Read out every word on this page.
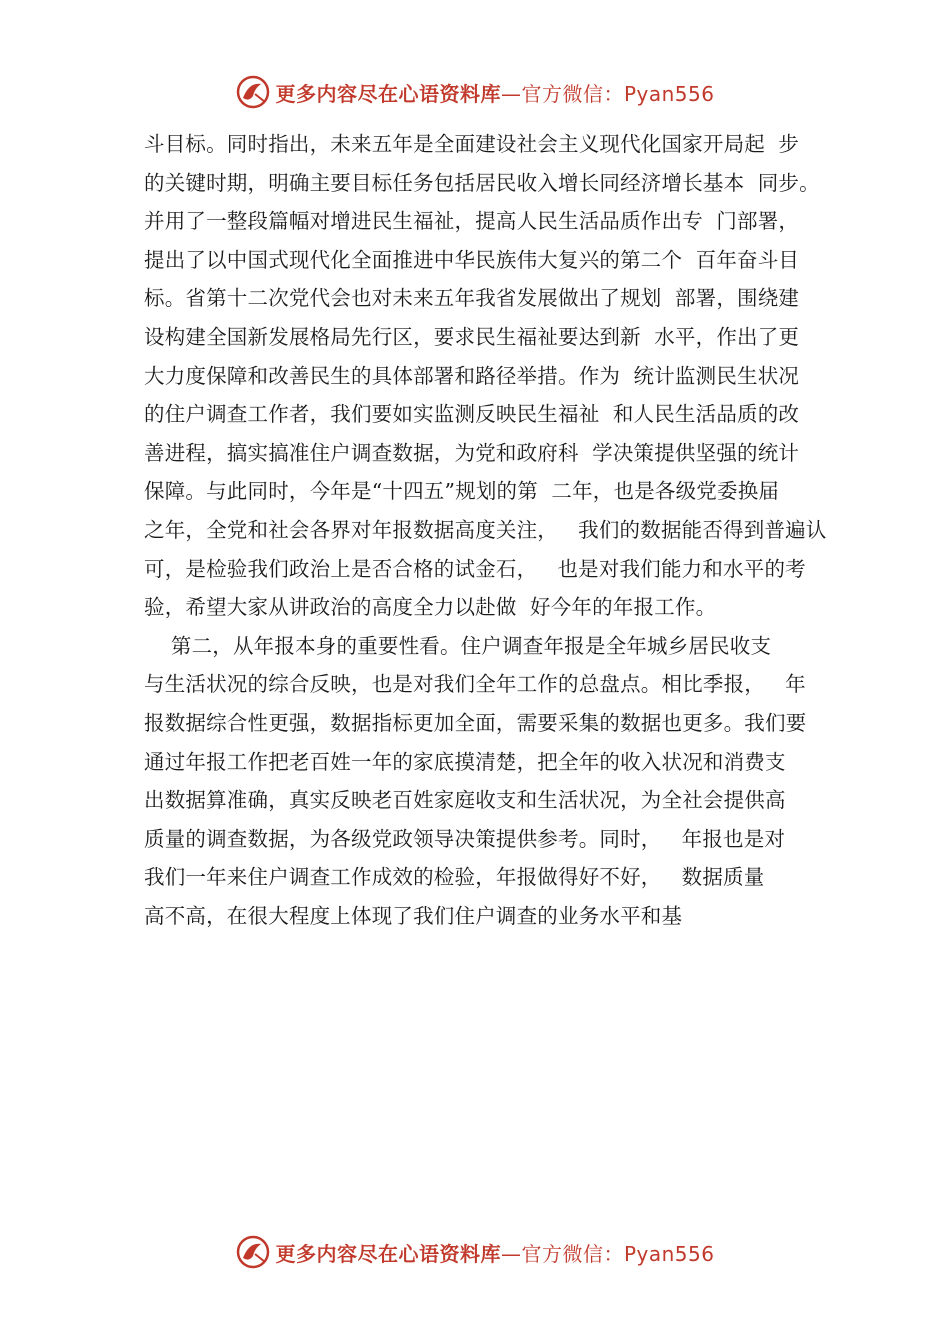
更多内容尽在心语资料库—官方微信：Pyan556
斗目标。同时指出，未来五年是全面建设社会主义现代化国家开局起  步
的关键时期，明确主要目标任务包括居民收入增长同经济增长基本  同步。
并用了一整段篇幅对增进民生福祉，提高人民生活品质作出专  门部署，
提出了以中国式现代化全面推进中华民族伟大复兴的第二个  百年奋斗目
标。省第十二次党代会也对未来五年我省发展做出了规划  部署，围绕建
设构建全国新发展格局先行区，要求民生福祉要达到新  水平，作出了更
大力度保障和改善民生的具体部署和路径举措。作为  统计监测民生状况
的住户调查工作者，我们要如实监测反映民生福祉  和人民生活品质的改
善进程，搞实搞准住户调查数据，为党和政府科  学决策提供坚强的统计
保障。与此同时，今年是“十四五”规划的第  二年，也是各级党委换届
之年，全党和社会各界对年报数据高度关注，   我们的数据能否得到普遍认
可，是检验我们政治上是否合格的试金石，   也是对我们能力和水平的考
验，希望大家从讲政治的高度全力以赴做  好今年的年报工作。
第二，从年报本身的重要性看。住户调查年报是全年城乡居民收支
与生活状况的综合反映，也是对我们全年工作的总盘点。相比季报，   年
报数据综合性更强，数据指标更加全面，需要采集的数据也更多。我们要
通过年报工作把老百姓一年的家底摸清楚，把全年的收入状况和消费支
出数据算准确，真实反映老百姓家庭收支和生活状况，为全社会提供高
质量的调查数据，为各级党政领导决策提供参考。同时，   年报也是对
我们一年来住户调查工作成效的检验，年报做得好不好，   数据质量
高不高，在很大程度上体现了我们住户调查的业务水平和基
更多内容尽在心语资料库—官方微信：Pyan556
